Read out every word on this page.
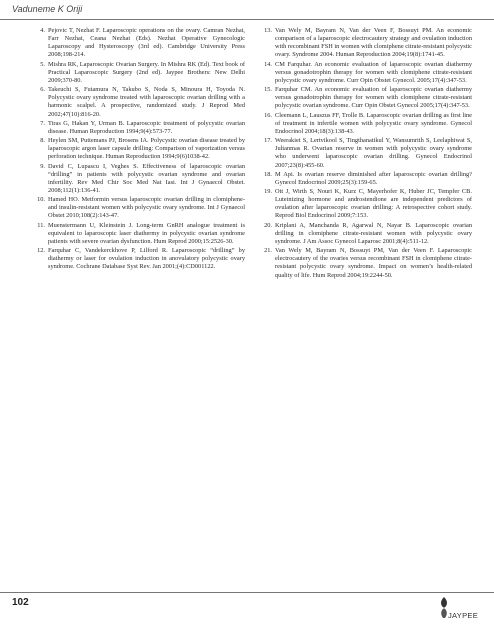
Vaduneme K Oriji
4. Pejovic T, Nezhat F. Laparoscopic operations on the ovary. Camran Nezhat, Farr Nezhat, Ceana Nezhat (Eds). Nezhat Operative Gynecologic Laparoscopy and Hysteroscopy (3rd ed). Cambridge University Press 2008;198-214.
5. Mishra RK, Laparoscopic Ovarian Surgery. In Mishra RK (Ed). Text book of Practical Laparoscopic Surgery (2nd ed). Jaypee Brothers: New Delhi 2009;370-80.
6. Takeuchi S, Futamura N, Takubo S, Noda S, Minoura H, Toyoda N. Polycystic ovary syndrome treated with laparoscopic ovarian drilling with a harmonic scalpel. A prospective, randomized study. J Reprod Med 2002;47(10):816-20.
7. Tiras G, Hakan Y, Urman B. Laparoscopic treatment of polycystic ovarian disease. Human Reproduction 1994;9(4):573-77.
8. Heylen SM, Puttemans PJ, Brosens IA. Polycystic ovarian disease treated by laparoscopic argon laser capsule drilling: Comparison of vaporization versus perforation technique. Human Reproduction 1994;9(6)1038-42.
9. David C, Lupascu I, Veghes S. Effectiveness of laparoscopic ovarian “drilling” in patients with polycystic ovarian syndrome and ovarian infertility. Rev Med Chir Soc Med Nat Iasi. Int J Gynaecol Obstet. 2008;112(1):136-41.
10. Hamed HO. Metformin versus laparoscopic ovarian drilling in clomiphene- and insulin-resistant women with polycystic ovary syndrome. Int J Gynaecol Obstet 2010;108(2):143-47.
11. Muenstermann U, Kleinstein J. Long-term GnRH analogue treatment is equivalent to laparoscopic laser diathermy in polycystic ovarian syndrome patients with severe ovarian dysfunction. Hum Reprod 2000;15:2526-30.
12. Farquhar C, Vandekerckhove P, Lilford R. Laparoscopic “drilling” by diathermy or laser for ovulation induction in anovulatory polycystic ovary syndrome. Cochrane Database Syst Rev. Jan 2001;(4):CD001122.
13. Van Wely M, Bayram N, Van der Veen F, Bossuyt PM. An economic comparison of a laparoscopic electrocautery strategy and ovulation induction with recombinant FSH in women with clomiphene citrate-resistant polycystic ovary. Syndrome 2004. Human Reproduction 2004;19(8):1741-45.
14. CM Farquhar. An economic evaluation of laparoscopic ovarian diathermy versus gonadotrophin therapy for women with clomiphene citrate-resistant polycystic ovary syndrome. Curr Opin Obstet Gynecol. 2005;17(4):347-53.
15. Farquhar CM. An economic evaluation of laparoscopic ovarian diathermy versus gonadotrophin therapy for women with clomiphene citrate-resistant polycystic ovarian syndrome. Curr Opin Obstet Gynecol 2005;17(4):347-53.
16. Cleemann L, Lauszus FF, Trolle B. Laparoscopic ovarian drilling as first line of treatment in infertile women with polycystic ovary syndrome. Gynecol Endocrinol 2004;18(3):138-43.
17. Weerakiet S, Lertvikool S, Tingthanatikul Y, Wansumrith S, Leelaphiwat S, Jultanmas R. Ovarian reserve in women with polycystic ovary syndrome who underwent laparoscopic ovarian drilling. Gynecol Endocrinol 2007;23(8):455-60.
18. M Api. Is ovarian reserve diminished after laparoscopic ovarian drilling? Gynecol Endocrinol 2009;25(3):159-65.
19. Ott J, Wirth S, Nouri K, Kurz C, Mayerhofer K, Huber JC, Tempfer CB. Luteinizing hormone and androstendione are independent predictors of ovulation after laparoscopic ovarian drilling: A retrospective cohort study. Reprod Biol Endocrinol 2009;7:153.
20. Kriplani A, Manchanda R, Agarwal N, Nayar B. Laparoscopic ovarian drilling in clomiphene citrate-resistant women with polycystic ovary syndrome. J Am Assoc Gynecol Laparosc 2001;8(4):511-12.
21. Van Wely M, Bayram N, Bossuyt PM, Van der Veen F. Laparoscopic electrocautery of the ovaries versus recombinant FSH in clomiphene citrate-resistant polycystic ovary syndrome. Impact on women’s health-related quality of life. Hum Reprod 2004;19:2244-50.
102
JAYPEE
